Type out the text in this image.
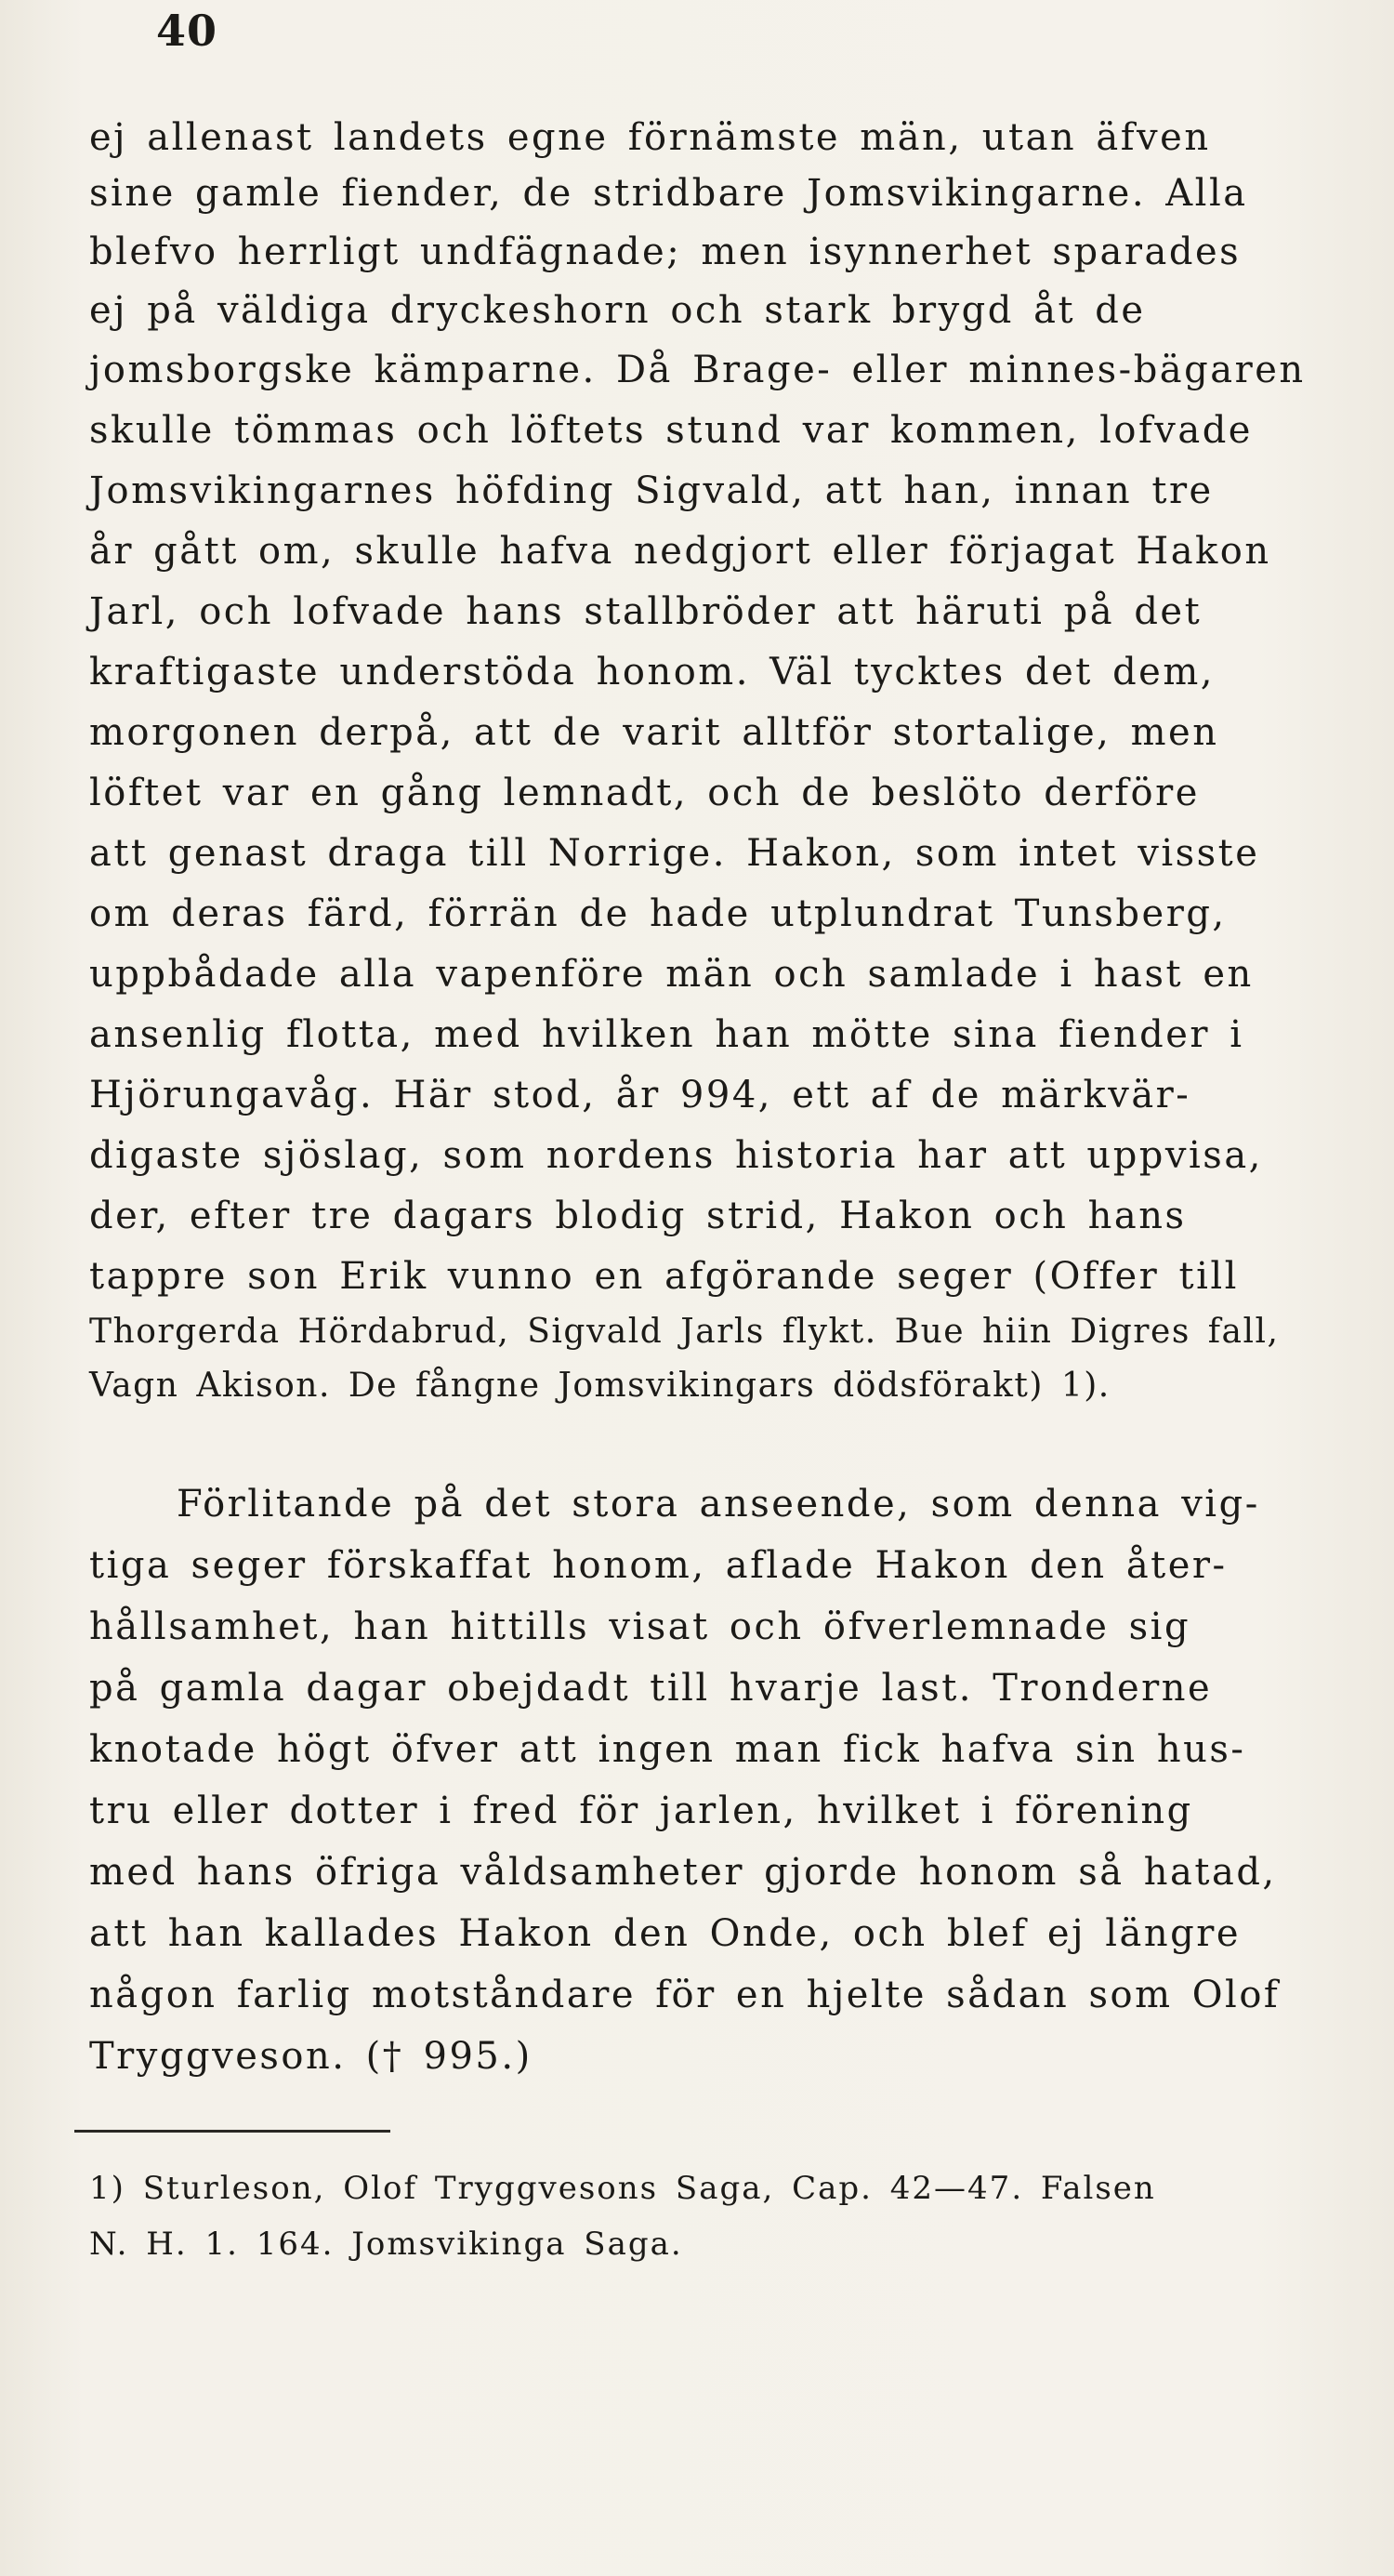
40
ej allenast landets egne förnämste män, utan äfven
sine gamle fiender, de stridbare Jomsvikingarne. Alla
blefvo herrligt undfägnade; men isynnerhet sparades
ej på väldiga dryckeshorn och stark brygd åt de
jomsborgske kämparne. Då Brage- eller minnes-bägaren
skulle tömmas och löftets stund var kommen, lofvade
Jomsvikingarnes höfding Sigvald, att han, innan tre
år gått om, skulle hafva nedgjort eller förjagat Hakon
Jarl, och lofvade hans stallbröder att häruti på det
kraftigaste understöda honom. Väl tycktes det dem,
morgonen derpå, att de varit alltför stortalige, men
löftet var en gång lemnadt, och de beslöto derföre
att genast draga till Norrige. Hakon, som intet visste
om deras färd, förrän de hade utplundrat Tunsberg,
uppbådade alla vapenföre män och samlade i hast en
ansenlig flotta, med hvilken han mötte sina fiender i
Hjörungavåg. Här stod, år 994, ett af de märkvär-
digaste sjöslag, som nordens historia har att uppvisa,
der, efter tre dagars blodig strid, Hakon och hans
tappre son Erik vunno en afgörande seger (Offer till
Thorgerda Hördabrud, Sigvald Jarls flykt. Bue hiin Digres fall,
Vagn Akison. De fångne Jomsvikingars dödsförakt) 1).
Förlitande på det stora anseende, som denna vig-
tiga seger förskaffat honom, aflade Hakon den åter-
hållsamhet, han hittills visat och öfverlemnade sig
på gamla dagar obejdadt till hvarje last. Tronderne
knotade högt öfver att ingen man fick hafva sin hus-
tru eller dotter i fred för jarlen, hvilket i förening
med hans öfriga våldsamheter gjorde honom så hatad,
att han kallades Hakon den Onde, och blef ej längre
någon farlig motståndare för en hjelte sådan som Olof
Tryggveson. († 995.)
1) Sturleson, Olof Tryggvesons Saga, Cap. 42—47. Falsen
N. H. 1. 164. Jomsvikinga Saga.
